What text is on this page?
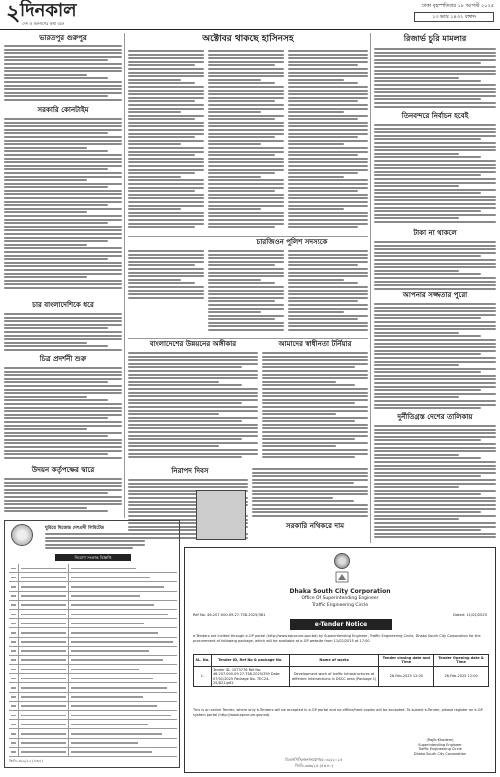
২ দিনকাল
দেশ ও জনগণের কথা বলে
ঢাকা বৃহস্পতিবার ১৮ আগস্ট ২০২৫
১৩ ভাদ্র ১৪৩২ বঙ্গাব্দ
ভারতপুর গুরুপুর
সরকারি কোনটাইম
চার বাংলাদেশিকে ধরে
চিত্র প্রদর্শনী শুরু
উদয়ন কর্তৃপক্ষের দ্বারে
অক্টোবর থাকছে হাসিনসহ
চারজিওন পুলিশ সদস্যকে
বাংলাদেশের উন্নয়নের অঙ্গীকার	আমাদের স্বাধীনতা টর্নিয়ার
নিরাপদ দিবস
সরকারি নথিকরে দাম
রিজার্ভ চুরি মামলার
তিনবন্দরে নির্বাচন হবেই
টাকা না থাকলে
আপনার সজ্জতার পুরো
দুর্নীতিগ্রস্ত দেশের তালিকায়
ঘুরিয়ে দ্বিজেন্দ্র দেশপ্রদী লিমিটেড
নিয়োগ সংক্রান্ত বিজ্ঞপ্তি
জিডি-৩৬৯/২৫ (৪×৪)
Dhaka South City Corporation
Office Of Superintending Engineer
Traffic Engineering Circle
Ref No. 46.207.000.09.27.758.2025/361	Dated: 11/02/2025
e-Tender Notice
e-Tenders are invited through e-GP portal (http://www.eprocure.gov.bd) by Superintending Engineer, Traffic Engineering Circle, Dhaka South City Corporation for the procurement of following package, which will be available at e-GP website from 11/02/2025 at 17:00
SL. No.	Tender ID, Ref No & package No.	Name of works	Tender closing date and Time	Tender Opening date & Time
1.	Tender ID- 1073776 Ref No: 46.207.000.09.27.758.2025/359 Date: 07/01/2025 Package No- TEC24-25/D21/p61	Development work of traffic Infrastructures at different Intersections in DSCC area (Package 1)	26-Feb-2025 12:00	26-Feb-2025 12:00
This is an online Tender, where only e-Tenders will be accepted in e-GP portal and no offline/hard copies will be accepted. To submit e-Tender, please register on e-GP system portal (http://www.eprocure.gov.bd).
(Rajib Khadem)
Superintending Engineer
Traffic Engineering Circle
Dhaka South City Corporation
ডিএসসিসি/জনসংযোগ/৫০৩২/২০২৫
জিডি-৩৬৬/২৫ (৫×৪০)
